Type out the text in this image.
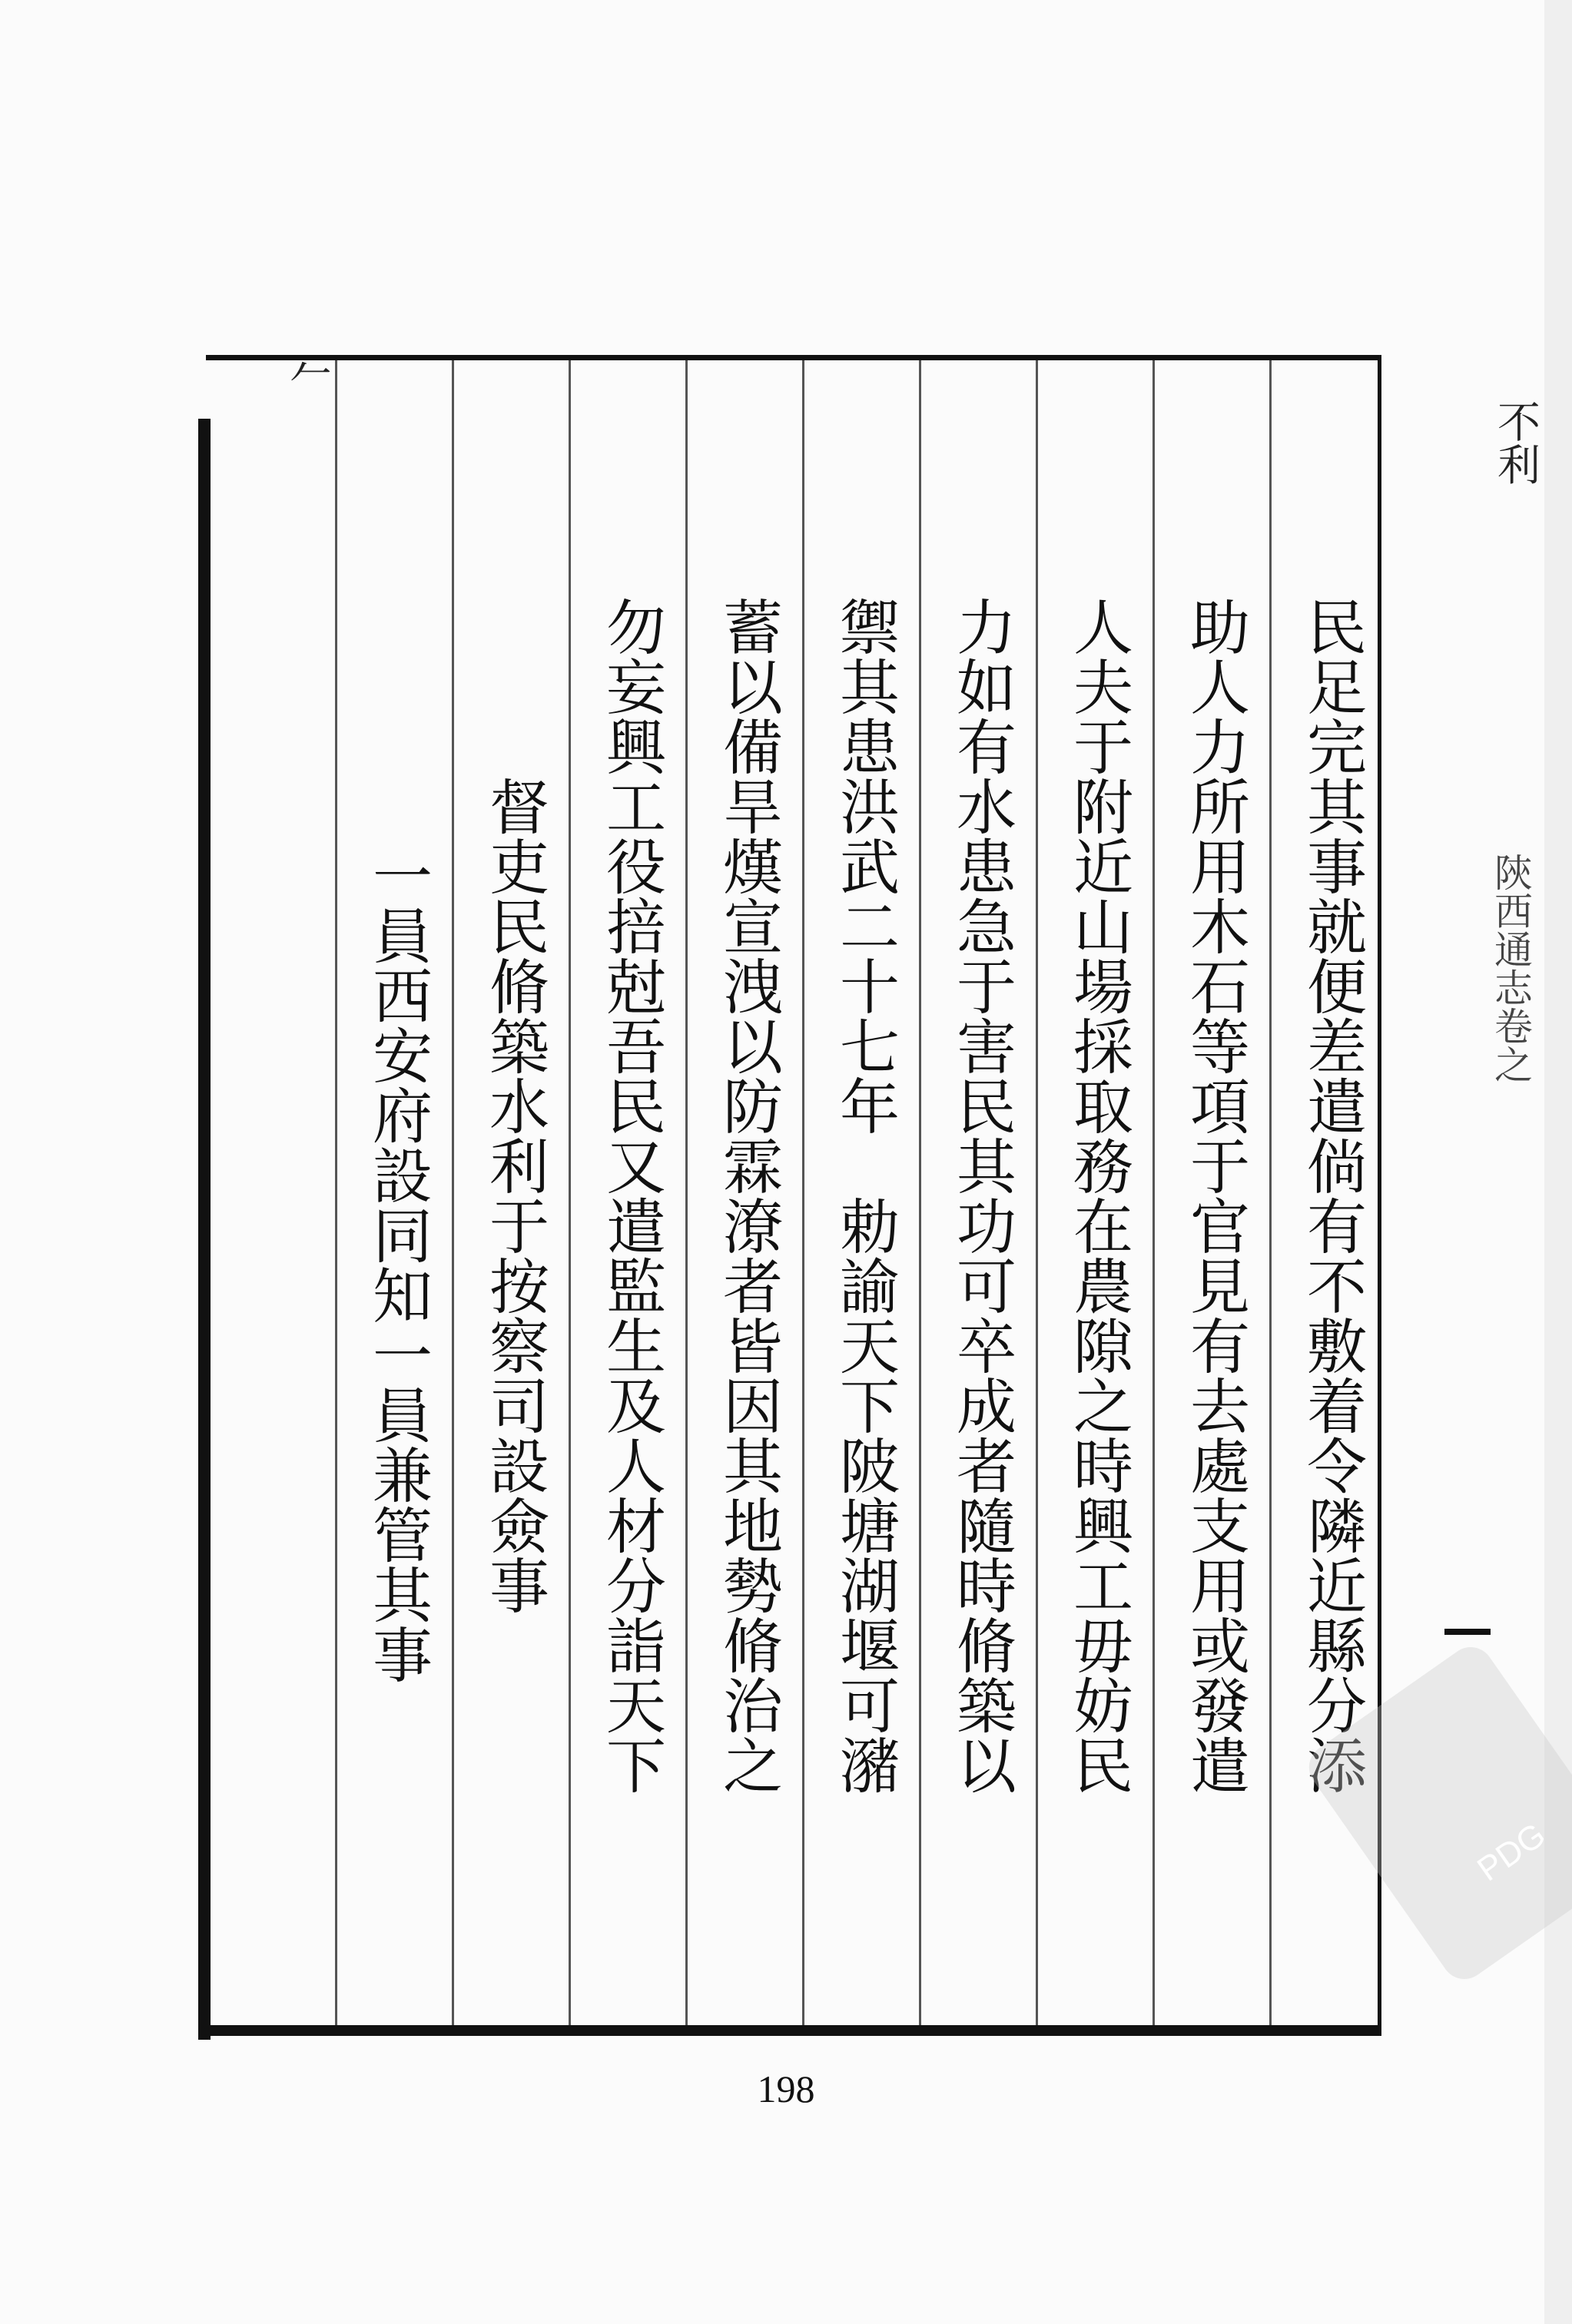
𠂉
不利
陝西通志卷之
民足完其事就便差遣倘有不敷着令隣近縣分添
助人力所用木石等項于官見有去處支用或發遣
人夫于附近山場採取務在農隙之時興工毋妨民
力如有水患急于害民其功可卒成者隨時脩築以
禦其患洪武二十七年　勅諭天下陂塘湖堰可瀦
蓄以備旱熯宣洩以防霖潦者皆因其地勢脩治之
勿妄興工役掊尅吾民又遣監生及人材分詣天下
督吏民脩築水利于按察司設僉事
一員西安府設同知一員兼管其事
198
PDG
